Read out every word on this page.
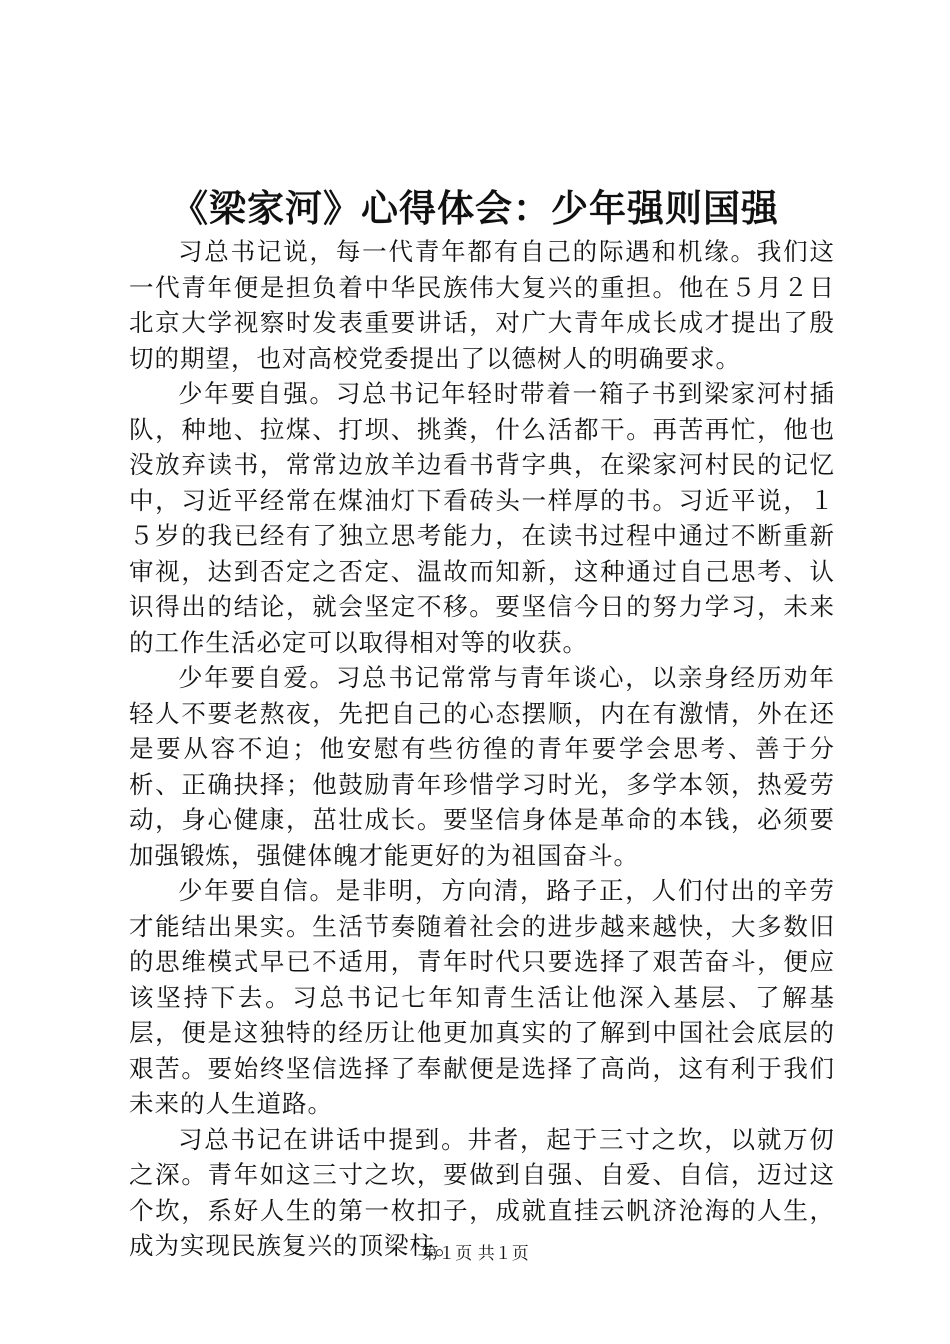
《梁家河》心得体会：少年强则国强

习总书记说，每一代青年都有自己的际遇和机缘。我们这一代青年便是担负着中华民族伟大复兴的重担。他在５月２日北京大学视察时发表重要讲话，对广大青年成长成才提出了殷切的期望，也对高校党委提出了以德树人的明确要求。

少年要自强。习总书记年轻时带着一箱子书到梁家河村插队，种地、拉煤、打坝、挑粪，什么活都干。再苦再忙，他也没放弃读书，常常边放羊边看书背字典，在梁家河村民的记忆中，习近平经常在煤油灯下看砖头一样厚的书。习近平说，１５岁的我已经有了独立思考能力，在读书过程中通过不断重新审视，达到否定之否定、温故而知新，这种通过自己思考、认识得出的结论，就会坚定不移。要坚信今日的努力学习，未来的工作生活必定可以取得相对等的收获。

少年要自爱。习总书记常常与青年谈心，以亲身经历劝年轻人不要老熬夜，先把自己的心态摆顺，内在有激情，外在还是要从容不迫；他安慰有些彷徨的青年要学会思考、善于分析、正确抉择；他鼓励青年珍惜学习时光，多学本领，热爱劳动，身心健康，茁壮成长。要坚信身体是革命的本钱，必须要加强锻炼，强健体魄才能更好的为祖国奋斗。

少年要自信。是非明，方向清，路子正，人们付出的辛劳才能结出果实。生活节奏随着社会的进步越来越快，大多数旧的思维模式早已不适用，青年时代只要选择了艰苦奋斗，便应该坚持下去。习总书记七年知青生活让他深入基层、了解基层，便是这独特的经历让他更加真实的了解到中国社会底层的艰苦。要始终坚信选择了奉献便是选择了高尚，这有利于我们未来的人生道路。

习总书记在讲话中提到。井者，起于三寸之坎，以就万仞之深。青年如这三寸之坎，要做到自强、自爱、自信，迈过这个坎，系好人生的第一枚扣子，成就直挂云帆济沧海的人生，成为实现民族复兴的顶梁柱。

第１页 共１页
